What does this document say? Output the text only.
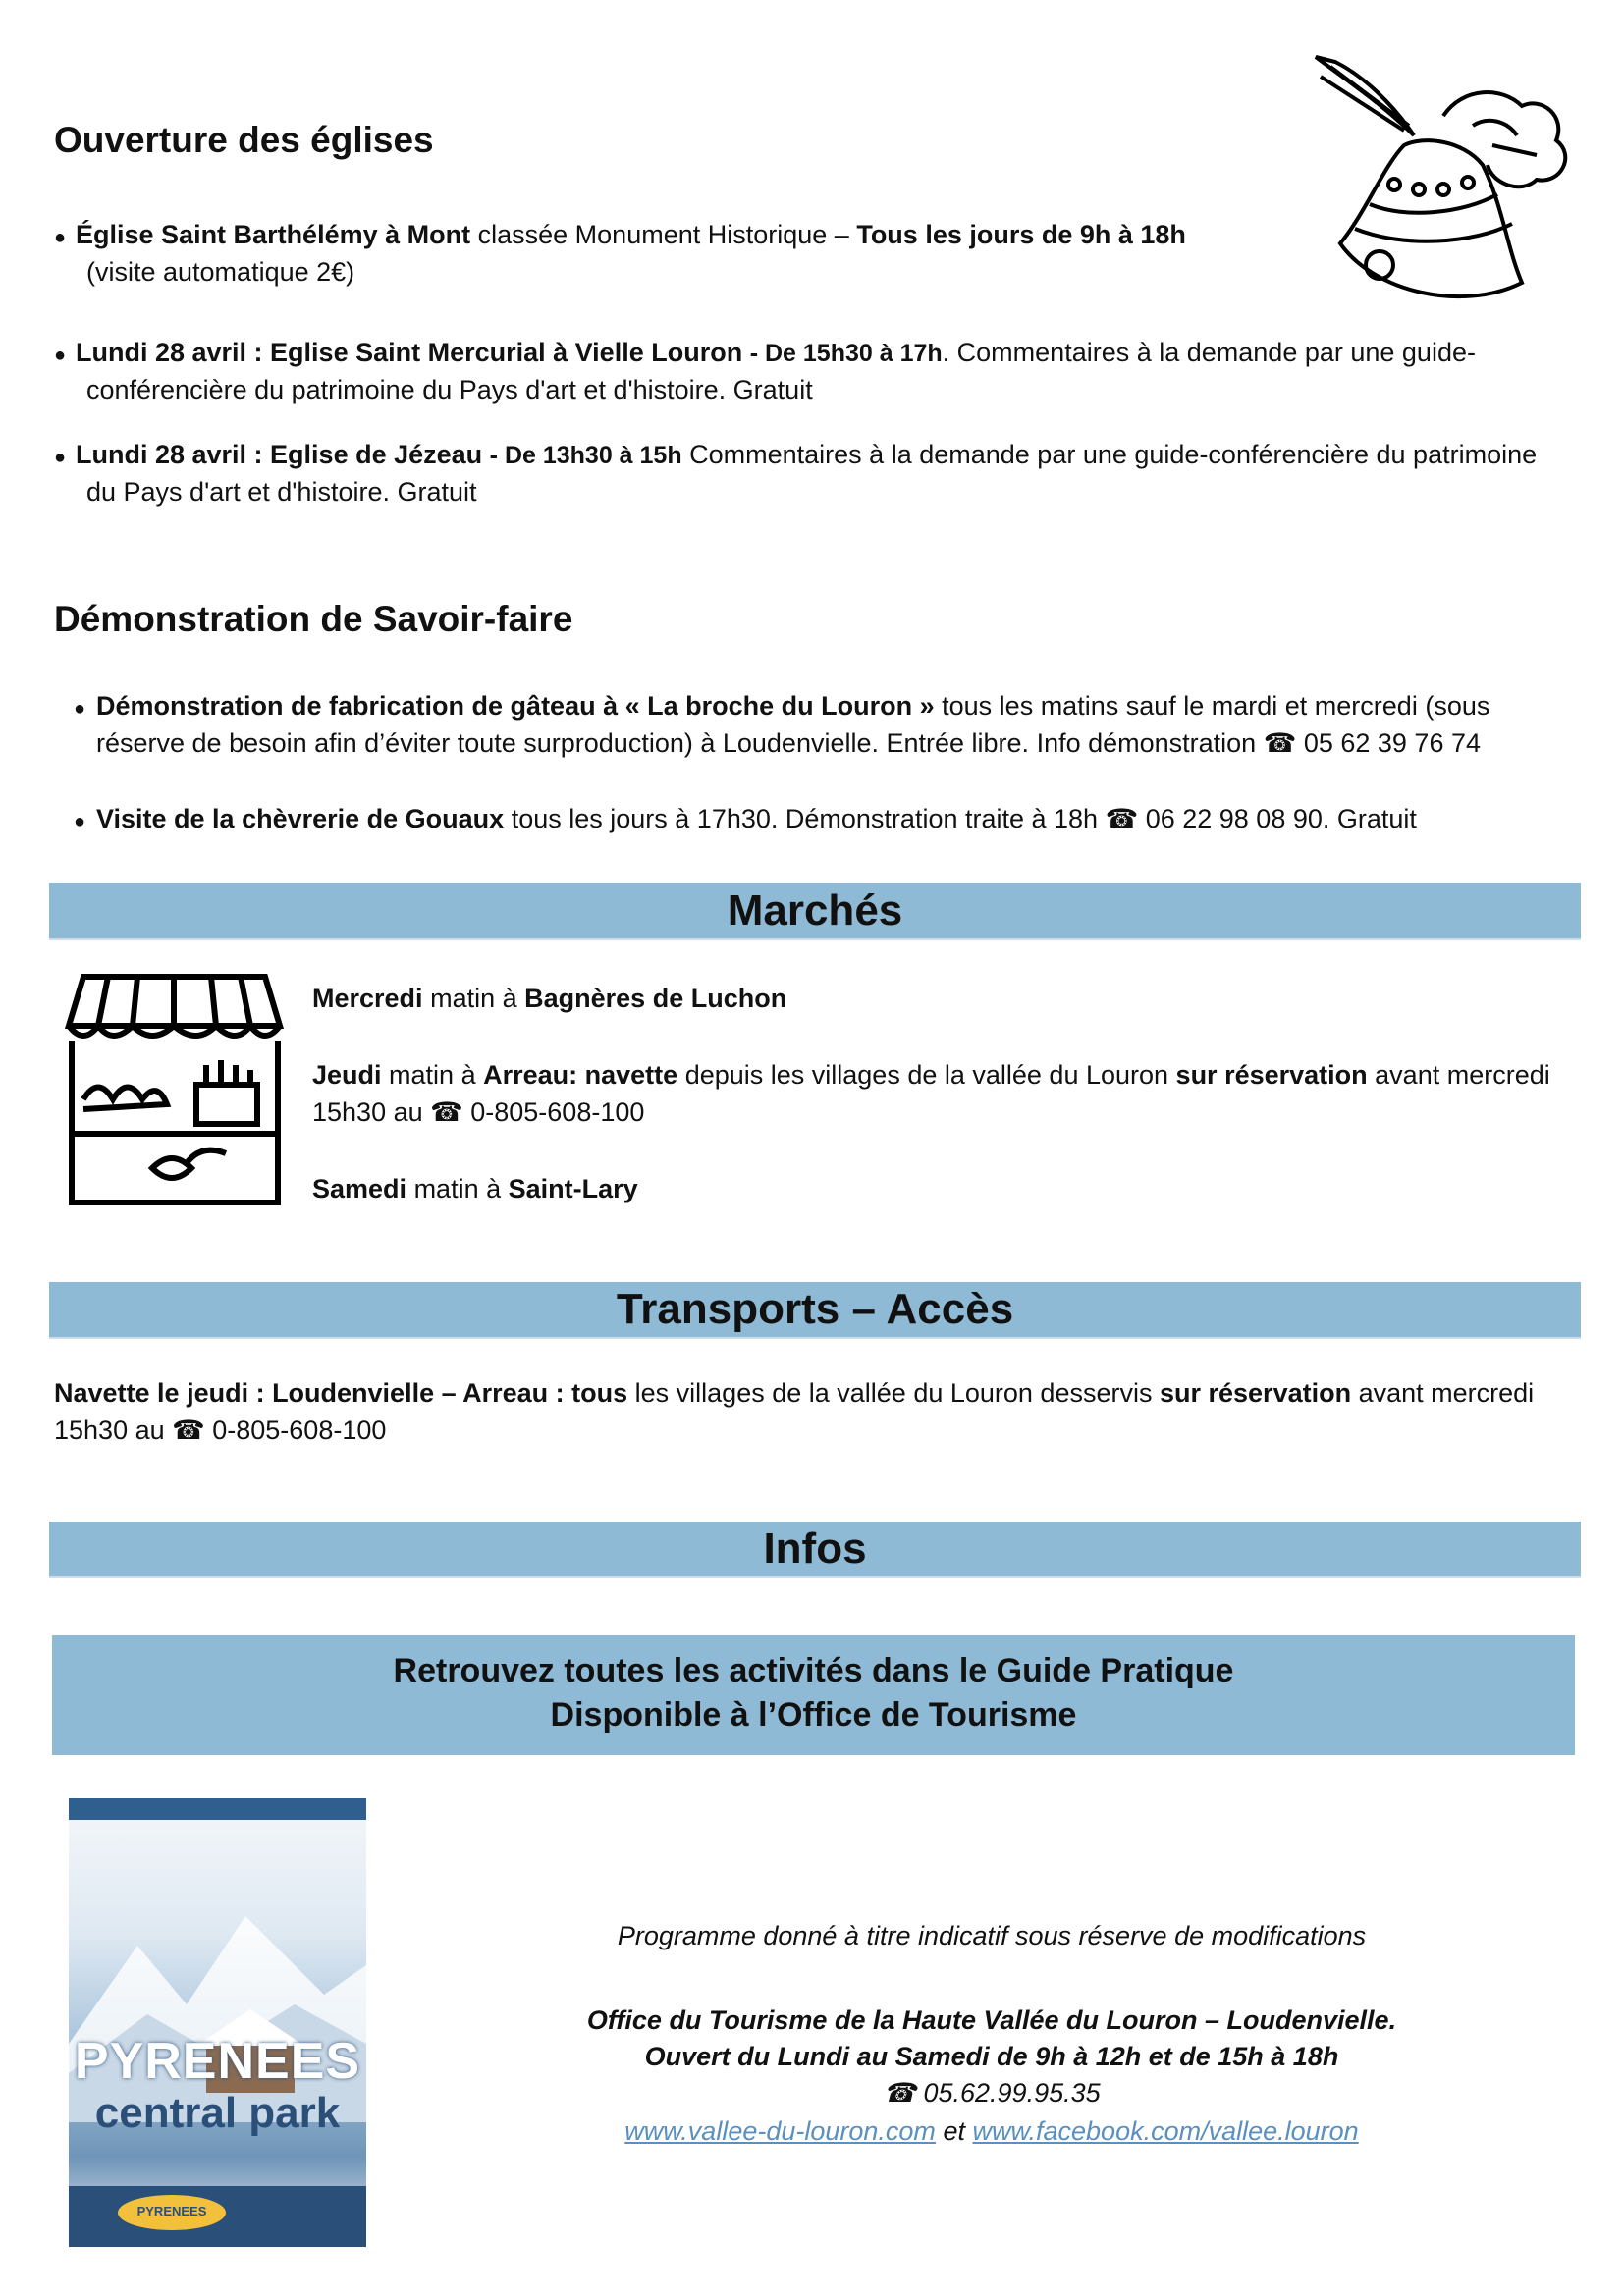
Ouverture des églises
● Église Saint Barthélémy à Mont classée Monument Historique – Tous les jours de 9h à 18h
(visite automatique 2€)
● Lundi 28 avril : Eglise Saint Mercurial à Vielle Louron - De 15h30 à 17h. Commentaires à la demande par une guide-
conférencière du patrimoine du Pays d'art et d'histoire. Gratuit
● Lundi 28 avril : Eglise de Jézeau - De 13h30 à 15h Commentaires à la demande par une guide-conférencière du patrimoine
du Pays d'art et d'histoire. Gratuit
Démonstration de Savoir-faire
● Démonstration de fabrication de gâteau à « La broche du Louron » tous les matins sauf le mardi et mercredi (sous
réserve de besoin afin d’éviter toute surproduction) à Loudenvielle. Entrée libre. Info démonstration ☎ 05 62 39 76 74
● Visite de la chèvrerie de Gouaux tous les jours à 17h30. Démonstration traite à 18h ☎ 06 22 98 08 90. Gratuit
Marchés
Mercredi matin à Bagnères de Luchon
Jeudi matin à Arreau: navette depuis les villages de la vallée du Louron sur réservation avant mercredi
15h30 au ☎ 0-805-608-100
Samedi matin à Saint-Lary
Transports – Accès
Navette le jeudi : Loudenvielle – Arreau : tous les villages de la vallée du Louron desservis sur réservation avant mercredi
15h30 au ☎ 0-805-608-100
Infos
Retrouvez toutes les activités dans le Guide Pratique
Disponible à l’Office de Tourisme
PYRENEES
central park
PYRENEES
Programme donné à titre indicatif sous réserve de modifications
Office du Tourisme de la Haute Vallée du Louron – Loudenvielle.
Ouvert du Lundi au Samedi de 9h à 12h et de 15h à 18h
☎ 05.62.99.95.35
www.vallee-du-louron.com et www.facebook.com/vallee.louron
